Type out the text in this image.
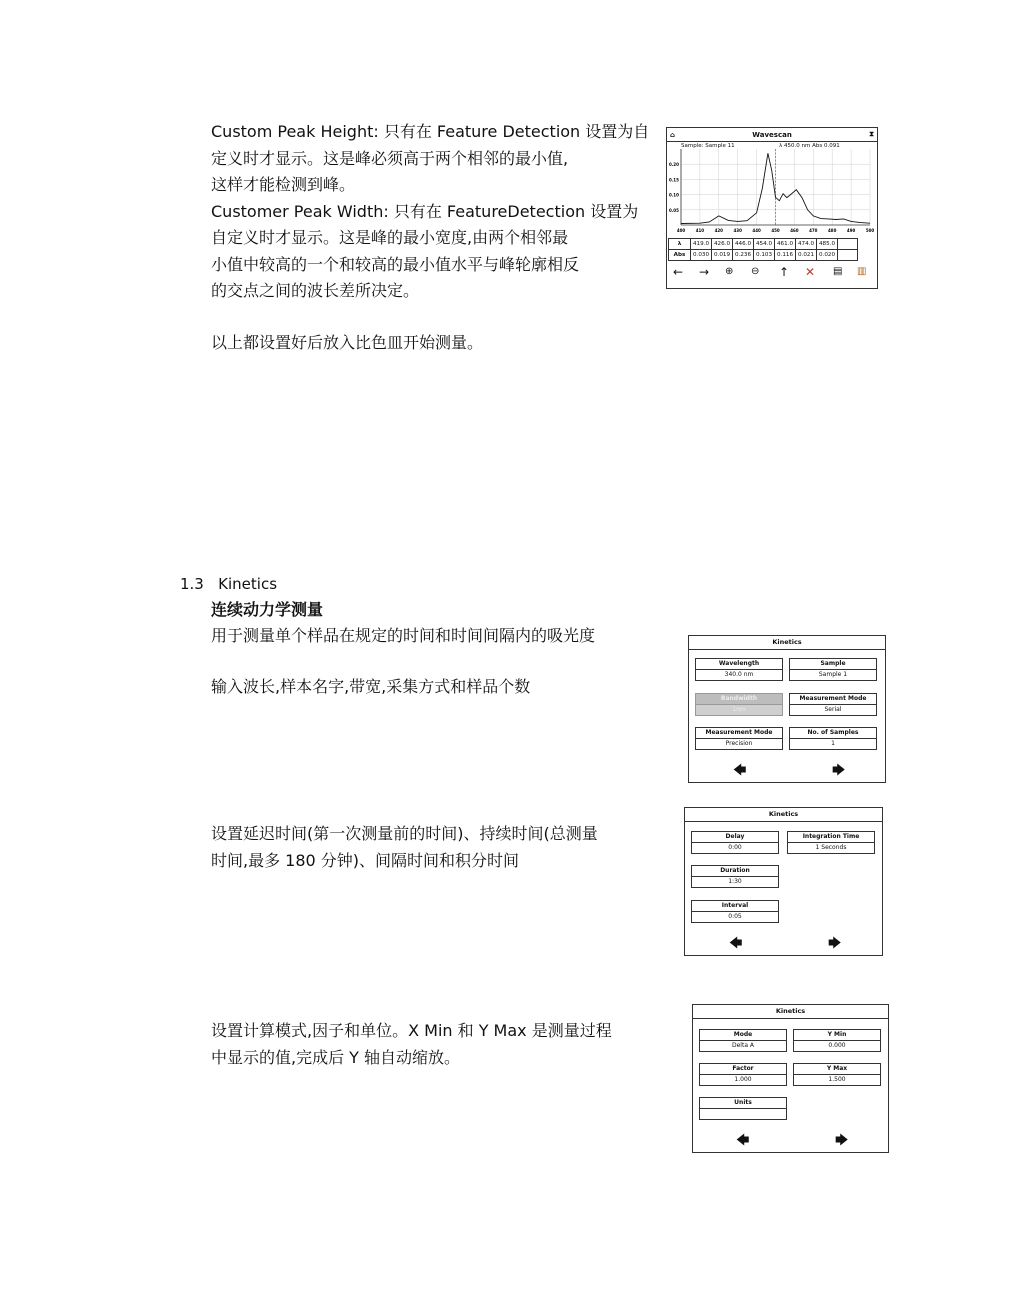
Custom Peak Height: 只有在 Feature Detection 设置为自
定义时才显示。这是峰必须高于两个相邻的最小值,
这样才能检测到峰。
Customer Peak Width: 只有在 FeatureDetection 设置为
自定义时才显示。这是峰的最小宽度,由两个相邻最
小值中较高的一个和较高的最小值水平与峰轮廓相反
的交点之间的波长差所决定。
以上都设置好后放入比色皿开始测量。
⌂	Wavescan	⧗
Sample: Sample 11	λ 450.0 nm Abs 0.091
0.20
0.15
0.10
0.05
400	410	420	430	440	450	460	470	480	490	500
λ	419.0	426.0	446.0	454.0	461.0	474.0	485.0	
Abs	0.030	0.019	0.236	0.103	0.116	0.021	0.020	
← → ⊕ ⊖ ↑ ✕ ▤ ▥
1.3 Kinetics
连续动力学测量
用于测量单个样品在规定的时间和时间间隔内的吸光度
输入波长,样本名字,带宽,采集方式和样品个数
设置延迟时间(第一次测量前的时间)、持续时间(总测量
时间,最多 180 分钟)、间隔时间和积分时间
设置计算模式,因子和单位。X Min 和 Y Max 是测量过程
中显示的值,完成后 Y 轴自动缩放。
Kinetics
Wavelength
340.0 nm
Sample
Sample 1
Bandwidth
1nm
Measurement Mode
Serial
Measurement Mode
Precision
No. of Samples
1
🡄	🡆
Kinetics
Delay
0:00
Integration Time
1 Seconds
Duration
1:30
Interval
0:05
🡄	🡆
Kinetics
Mode
Delta A
Y Min
0.000
Factor
1.000
Y Max
1.500
Units
🡄	🡆
